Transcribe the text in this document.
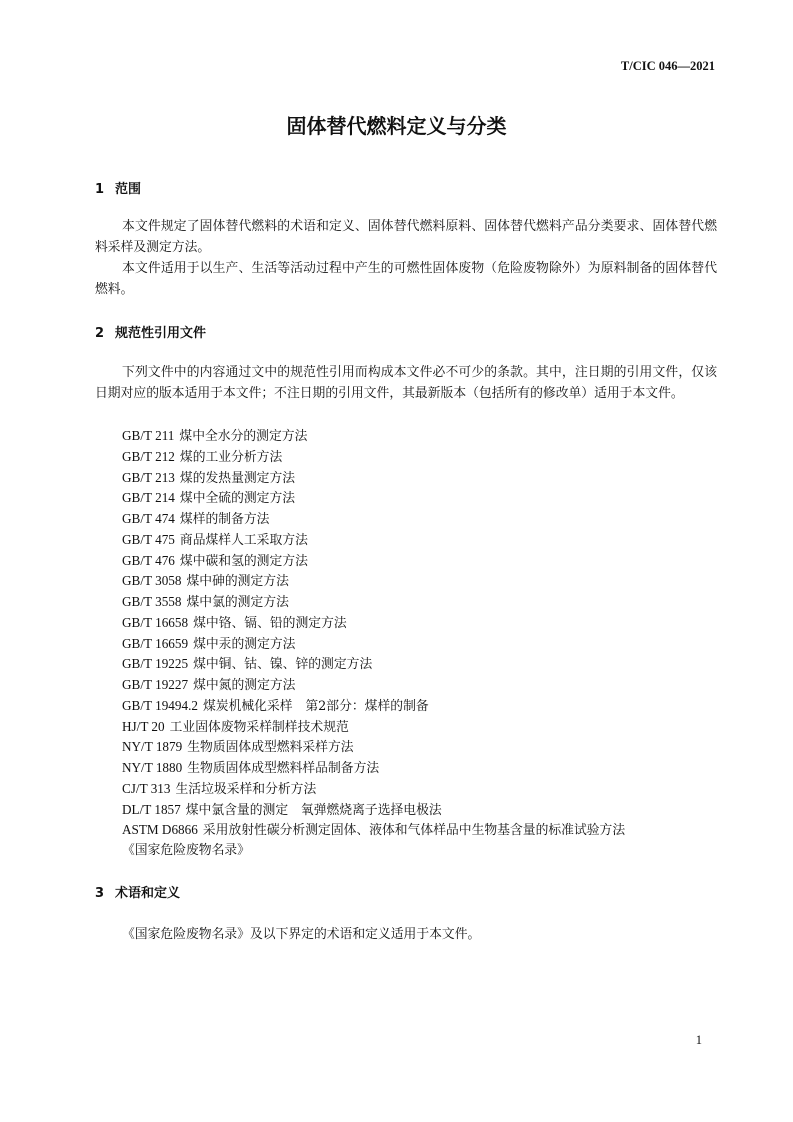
T/CIC 046—2021
固体替代燃料定义与分类
1 范围

本文件规定了固体替代燃料的术语和定义、固体替代燃料原料、固体替代燃料产品分类要求、固体替代燃料采样及测定方法。

本文件适用于以生产、生活等活动过程中产生的可燃性固体废物（危险废物除外）为原料制备的固体替代燃料。

2 规范性引用文件

下列文件中的内容通过文中的规范性引用而构成本文件必不可少的条款。其中，注日期的引用文件，仅该日期对应的版本适用于本文件；不注日期的引用文件，其最新版本（包括所有的修改单）适用于本文件。

GB/T 211 煤中全水分的测定方法
GB/T 212 煤的工业分析方法
GB/T 213 煤的发热量测定方法
GB/T 214 煤中全硫的测定方法
GB/T 474 煤样的制备方法
GB/T 475 商品煤样人工采取方法
GB/T 476 煤中碳和氢的测定方法
GB/T 3058 煤中砷的测定方法
GB/T 3558 煤中氯的测定方法
GB/T 16658 煤中铬、镉、铅的测定方法
GB/T 16659 煤中汞的测定方法
GB/T 19225 煤中铜、钴、镍、锌的测定方法
GB/T 19227 煤中氮的测定方法
GB/T 19494.2 煤炭机械化采样　第2部分：煤样的制备
HJ/T 20 工业固体废物采样制样技术规范
NY/T 1879 生物质固体成型燃料采样方法
NY/T 1880 生物质固体成型燃料样品制备方法
CJ/T 313 生活垃圾采样和分析方法
DL/T 1857 煤中氯含量的测定　氧弹燃烧离子选择电极法
ASTM D6866 采用放射性碳分析测定固体、液体和气体样品中生物基含量的标准试验方法
《国家危险废物名录》
3 术语和定义

《国家危险废物名录》及以下界定的术语和定义适用于本文件。

1
